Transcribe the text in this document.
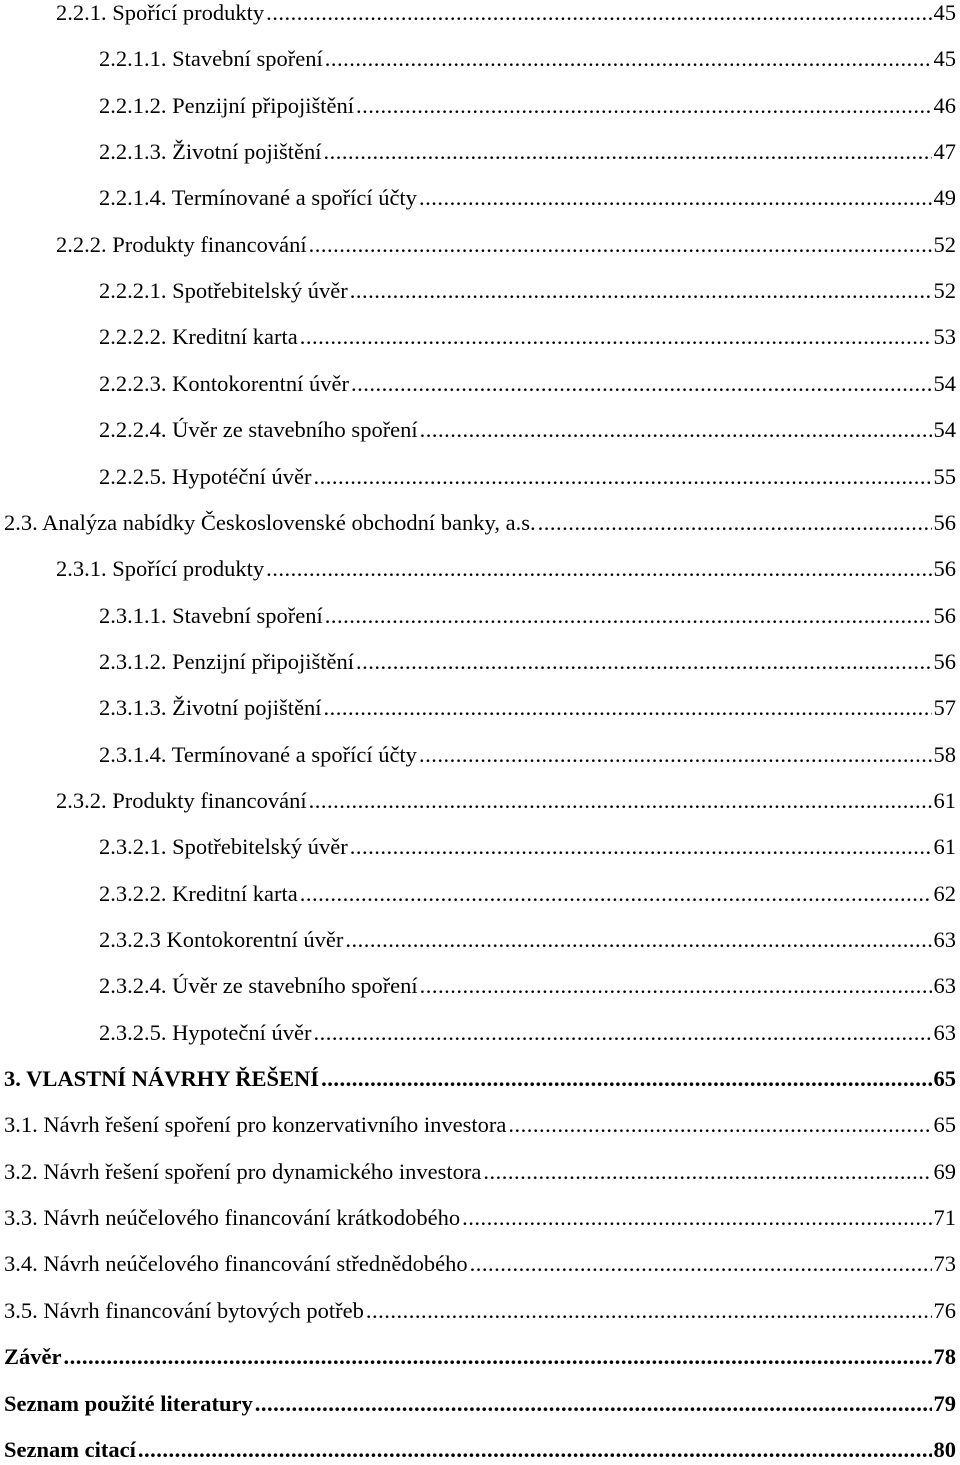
2.2.1. Spořící produkty .....	45
2.2.1.1. Stavební spoření .....	45
2.2.1.2. Penzijní připojištění .....	46
2.2.1.3. Životní pojištění .....	47
2.2.1.4. Termínované a spořící účty .....	49
2.2.2. Produkty financování .....	52
2.2.2.1. Spotřebitelský úvěr .....	52
2.2.2.2. Kreditní karta .....	53
2.2.2.3. Kontokorentní úvěr .....	54
2.2.2.4. Úvěr ze stavebního spoření .....	54
2.2.2.5. Hypotéční úvěr .....	55
2.3. Analýza nabídky Československé obchodní banky, a.s. .....	56
2.3.1. Spořící produkty .....	56
2.3.1.1. Stavební spoření .....	56
2.3.1.2. Penzijní připojištění .....	56
2.3.1.3. Životní pojištění .....	57
2.3.1.4. Termínované a spořící účty .....	58
2.3.2. Produkty financování .....	61
2.3.2.1. Spotřebitelský úvěr .....	61
2.3.2.2. Kreditní karta .....	62
2.3.2.3 Kontokorentní úvěr .....	63
2.3.2.4. Úvěr ze stavebního spoření .....	63
2.3.2.5. Hypoteční úvěr .....	63
3. VLASTNÍ NÁVRHY ŘEŠENÍ .....	65
3.1. Návrh řešení spoření pro konzervativního investora .....	65
3.2. Návrh řešení spoření pro dynamického investora .....	69
3.3. Návrh neúčelového financování krátkodobého .....	71
3.4. Návrh neúčelového financování střednědobého .....	73
3.5. Návrh financování bytových potřeb .....	76
Závěr .....	78
Seznam použité literatury .....	79
Seznam citací .....	80
